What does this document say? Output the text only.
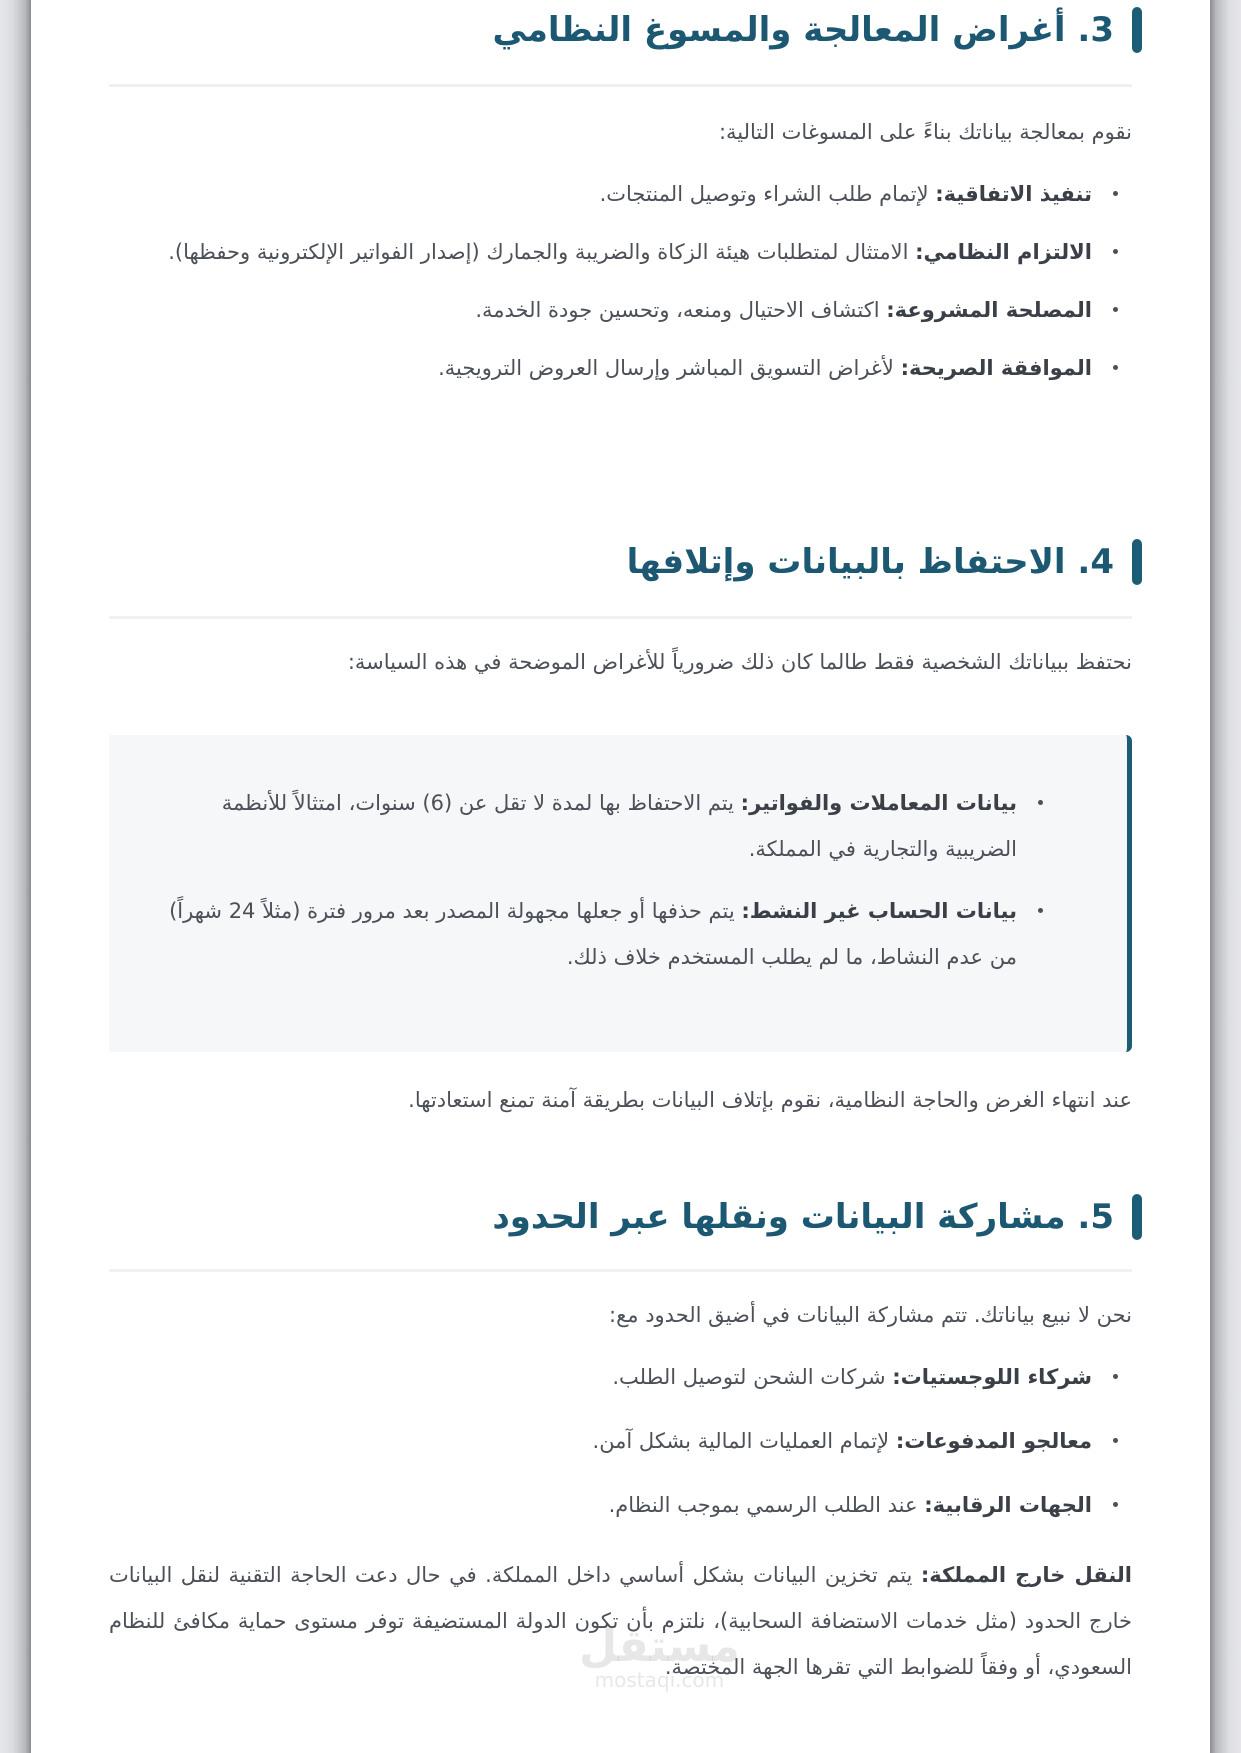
3. أغراض المعالجة والمسوغ النظامي

نقوم بمعالجة بياناتك بناءً على المسوغات التالية:

تنفيذ الاتفاقية: لإتمام طلب الشراء وتوصيل المنتجات.
الالتزام النظامي: الامتثال لمتطلبات هيئة الزكاة والضريبة والجمارك (إصدار الفواتير الإلكترونية وحفظها).
المصلحة المشروعة: اكتشاف الاحتيال ومنعه، وتحسين جودة الخدمة.
الموافقة الصريحة: لأغراض التسويق المباشر وإرسال العروض الترويجية.
4. الاحتفاظ بالبيانات وإتلافها

نحتفظ ببياناتك الشخصية فقط طالما كان ذلك ضرورياً للأغراض الموضحة في هذه السياسة:

بيانات المعاملات والفواتير: يتم الاحتفاظ بها لمدة لا تقل عن (6) سنوات، امتثالاً للأنظمة الضريبية والتجارية في المملكة.
بيانات الحساب غير النشط: يتم حذفها أو جعلها مجهولة المصدر بعد مرور فترة (مثلاً 24 شهراً) من عدم النشاط، ما لم يطلب المستخدم خلاف ذلك.

عند انتهاء الغرض والحاجة النظامية، نقوم بإتلاف البيانات بطريقة آمنة تمنع استعادتها.

5. مشاركة البيانات ونقلها عبر الحدود

نحن لا نبيع بياناتك. تتم مشاركة البيانات في أضيق الحدود مع:

شركاء اللوجستيات: شركات الشحن لتوصيل الطلب.
معالجو المدفوعات: لإتمام العمليات المالية بشكل آمن.
الجهات الرقابية: عند الطلب الرسمي بموجب النظام.

النقل خارج المملكة: يتم تخزين البيانات بشكل أساسي داخل المملكة. في حال دعت الحاجة التقنية لنقل البيانات خارج الحدود (مثل خدمات الاستضافة السحابية)، نلتزم بأن تكون الدولة المستضيفة توفر مستوى حماية مكافئ للنظام السعودي، أو وفقاً للضوابط التي تقرها الجهة المختصة.

مستقل
mostaqi.com
